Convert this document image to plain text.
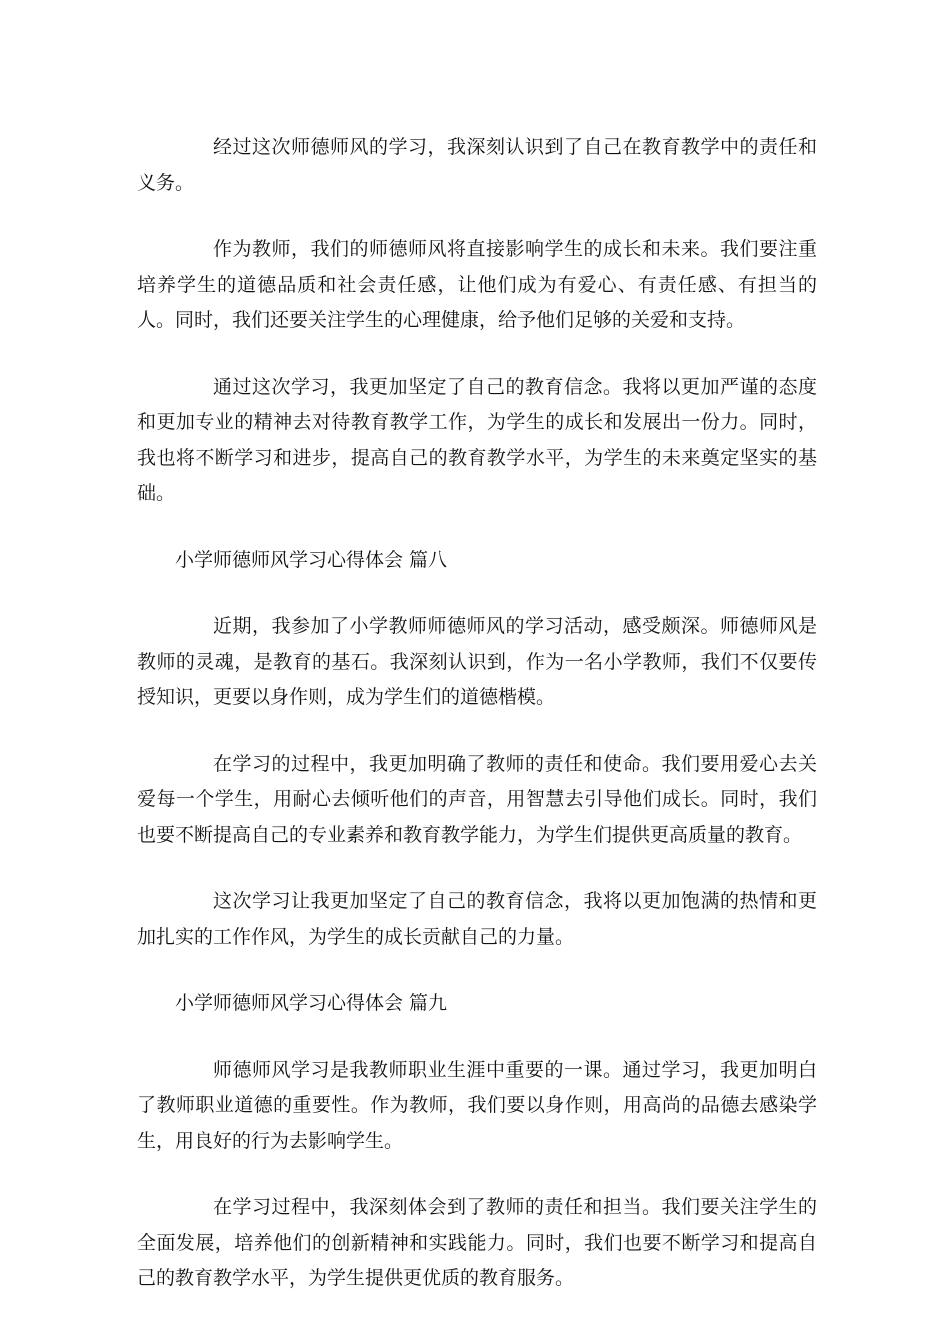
经过这次师德师风的学习，我深刻认识到了自己在教育教学中的责任和义务。

作为教师，我们的师德师风将直接影响学生的成长和未来。我们要注重培养学生的道德品质和社会责任感，让他们成为有爱心、有责任感、有担当的人。同时，我们还要关注学生的心理健康，给予他们足够的关爱和支持。

通过这次学习，我更加坚定了自己的教育信念。我将以更加严谨的态度和更加专业的精神去对待教育教学工作，为学生的成长和发展出一份力。同时，我也将不断学习和进步，提高自己的教育教学水平，为学生的未来奠定坚实的基础。

小学师德师风学习心得体会 篇八

近期，我参加了小学教师师德师风的学习活动，感受颇深。师德师风是教师的灵魂，是教育的基石。我深刻认识到，作为一名小学教师，我们不仅要传授知识，更要以身作则，成为学生们的道德楷模。

在学习的过程中，我更加明确了教师的责任和使命。我们要用爱心去关爱每一个学生，用耐心去倾听他们的声音，用智慧去引导他们成长。同时，我们也要不断提高自己的专业素养和教育教学能力，为学生们提供更高质量的教育。

这次学习让我更加坚定了自己的教育信念，我将以更加饱满的热情和更加扎实的工作作风，为学生的成长贡献自己的力量。

小学师德师风学习心得体会 篇九

师德师风学习是我教师职业生涯中重要的一课。通过学习，我更加明白了教师职业道德的重要性。作为教师，我们要以身作则，用高尚的品德去感染学生，用良好的行为去影响学生。

在学习过程中，我深刻体会到了教师的责任和担当。我们要关注学生的全面发展，培养他们的创新精神和实践能力。同时，我们也要不断学习和提高自己的教育教学水平，为学生提供更优质的教育服务。
